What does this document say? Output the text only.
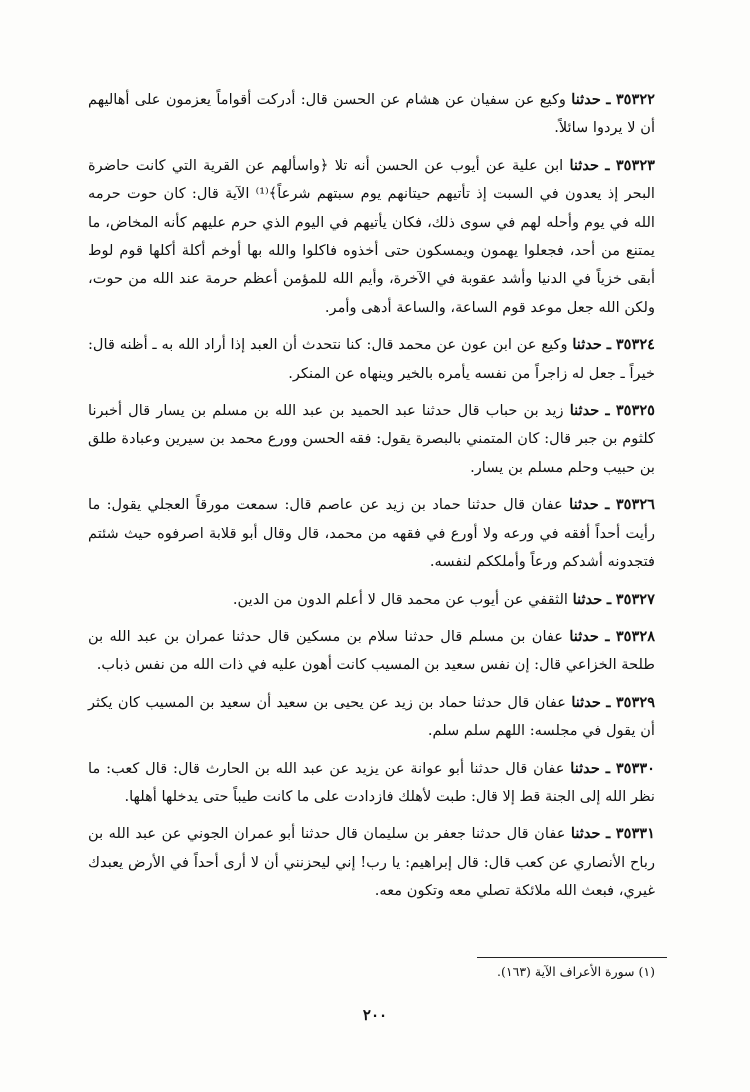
٣٥٣٢٢ ـ حدثنا وكيع عن سفيان عن هشام عن الحسن قال: أدركت أقواماً يعزمون على أهاليهم أن لا يردوا سائلاً.

٣٥٣٢٣ ـ حدثنا ابن علية عن أيوب عن الحسن أنه تلا ﴿واسألهم عن القرية التي كانت حاضرة البحر إذ يعدون في السبت إذ تأتيهم حيتانهم يوم سبتهم شرعاً﴾⁽¹⁾ الآية قال: كان حوت حرمه الله في يوم وأحله لهم في سوى ذلك، فكان يأتيهم في اليوم الذي حرم عليهم كأنه المخاض، ما يمتنع من أحد، فجعلوا يهمون ويمسكون حتى أخذوه فاكلوا والله بها أوخم أكلة أكلها قوم لوط أبقى خزياً في الدنيا وأشد عقوبة في الآخرة، وأيم الله للمؤمن أعظم حرمة عند الله من حوت، ولكن الله جعل موعد قوم الساعة، والساعة أدهى وأمر.

٣٥٣٢٤ ـ حدثنا وكيع عن ابن عون عن محمد قال: كنا نتحدث أن العبد إذا أراد الله به ـ أظنه قال: خيراً ـ جعل له زاجراً من نفسه يأمره بالخير وينهاه عن المنكر.

٣٥٣٢٥ ـ حدثنا زيد بن حباب قال حدثنا عبد الحميد بن عبد الله بن مسلم بن يسار قال أخبرنا كلثوم بن جبر قال: كان المتمني بالبصرة يقول: فقه الحسن وورع محمد بن سيرين وعبادة طلق بن حبيب وحلم مسلم بن يسار.

٣٥٣٢٦ ـ حدثنا عفان قال حدثنا حماد بن زيد عن عاصم قال: سمعت مورقاً العجلي يقول: ما رأيت أحداً أفقه في ورعه ولا أورع في فقهه من محمد، قال وقال أبو قلابة اصرفوه حيث شئتم فتجدونه أشدكم ورعاً وأملككم لنفسه.

٣٥٣٢٧ ـ حدثنا الثقفي عن أيوب عن محمد قال لا أعلم الدون من الدين.

٣٥٣٢٨ ـ حدثنا عفان بن مسلم قال حدثنا سلام بن مسكين قال حدثنا عمران بن عبد الله بن طلحة الخزاعي قال: إن نفس سعيد بن المسيب كانت أهون عليه في ذات الله من نفس ذباب.

٣٥٣٢٩ ـ حدثنا عفان قال حدثنا حماد بن زيد عن يحيى بن سعيد أن سعيد بن المسيب كان يكثر أن يقول في مجلسه: اللهم سلم سلم.

٣٥٣٣٠ ـ حدثنا عفان قال حدثنا أبو عوانة عن يزيد عن عبد الله بن الحارث قال: قال كعب: ما نظر الله إلى الجنة قط إلا قال: طبت لأهلك فازدادت على ما كانت طيباً حتى يدخلها أهلها.

٣٥٣٣١ ـ حدثنا عفان قال حدثنا جعفر بن سليمان قال حدثنا أبو عمران الجوني عن عبد الله بن رباح الأنصاري عن كعب قال: قال إبراهيم: يا رب! إني ليحزنني أن لا أرى أحداً في الأرض يعبدك غيري، فبعث الله ملائكة تصلي معه وتكون معه.

(١) سورة الأعراف الآية (١٦٣).
٢٠٠
